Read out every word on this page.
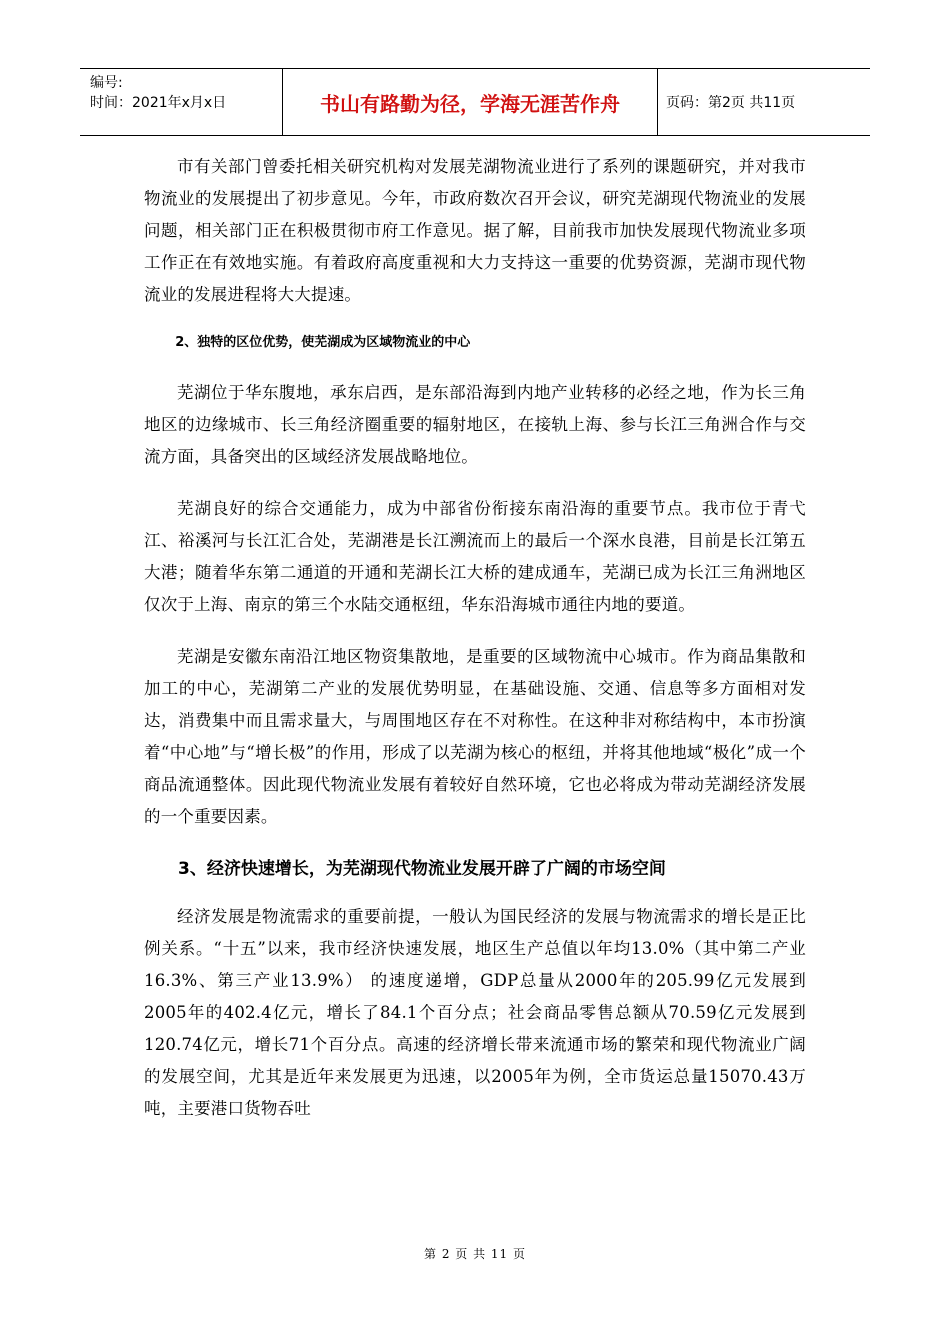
编号:
时间：2021年x月x日	书山有路勤为径，学海无涯苦作舟	页码：第2页 共11页

市有关部门曾委托相关研究机构对发展芜湖物流业进行了系列的课题研究，并对我市物流业的发展提出了初步意见。今年，市政府数次召开会议，研究芜湖现代物流业的发展问题，相关部门正在积极贯彻市府工作意见。据了解，目前我市加快发展现代物流业多项工作正在有效地实施。有着政府高度重视和大力支持这一重要的优势资源，芜湖市现代物流业的发展进程将大大提速。

2、独特的区位优势，使芜湖成为区域物流业的中心

芜湖位于华东腹地，承东启西，是东部沿海到内地产业转移的必经之地，作为长三角地区的边缘城市、长三角经济圈重要的辐射地区，在接轨上海、参与长江三角洲合作与交流方面，具备突出的区域经济发展战略地位。

芜湖良好的综合交通能力，成为中部省份衔接东南沿海的重要节点。我市位于青弋江、裕溪河与长江汇合处，芜湖港是长江溯流而上的最后一个深水良港，目前是长江第五大港；随着华东第二通道的开通和芜湖长江大桥的建成通车，芜湖已成为长江三角洲地区仅次于上海、南京的第三个水陆交通枢纽，华东沿海城市通往内地的要道。

芜湖是安徽东南沿江地区物资集散地，是重要的区域物流中心城市。作为商品集散和加工的中心，芜湖第二产业的发展优势明显，在基础设施、交通、信息等多方面相对发达，消费集中而且需求量大，与周围地区存在不对称性。在这种非对称结构中，本市扮演着“中心地”与“增长极”的作用，形成了以芜湖为核心的枢纽，并将其他地域“极化”成一个商品流通整体。因此现代物流业发展有着较好自然环境，它也必将成为带动芜湖经济发展的一个重要因素。

3、经济快速增长，为芜湖现代物流业发展开辟了广阔的市场空间

经济发展是物流需求的重要前提，一般认为国民经济的发展与物流需求的增长是正比例关系。“十五”以来，我市经济快速发展，地区生产总值以年均13.0%（其中第二产业16.3%、第三产业13.9%） 的速度递增，GDP总量从2000年的205.99亿元发展到2005年的402.4亿元，增长了84.1个百分点；社会商品零售总额从70.59亿元发展到120.74亿元，增长71个百分点。高速的经济增长带来流通市场的繁荣和现代物流业广阔的发展空间，尤其是近年来发展更为迅速，以2005年为例，全市货运总量15070.43万吨，主要港口货物吞吐

第 2 页 共 11 页
